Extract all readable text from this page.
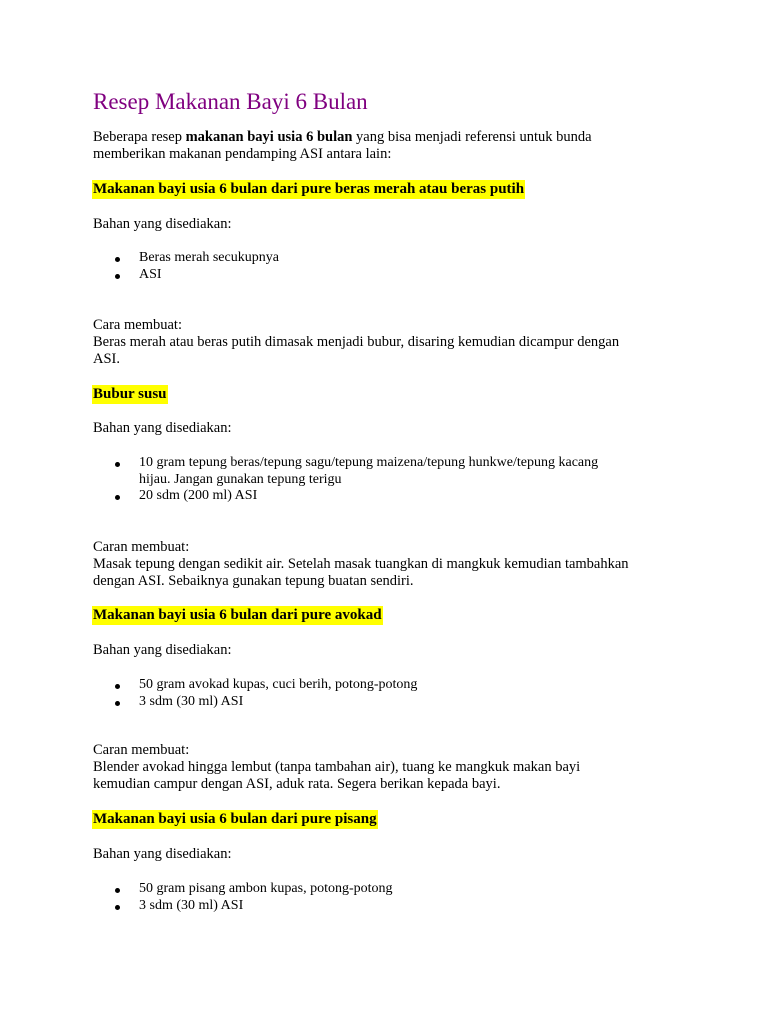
Resep Makanan Bayi 6 Bulan
Beberapa resep makanan bayi usia 6 bulan yang bisa menjadi referensi untuk bunda
memberikan makanan pendamping ASI antara lain:
Makanan bayi usia 6 bulan dari pure beras merah atau beras putih
Bahan yang disediakan:
Beras merah secukupnya
ASI
Cara membuat:
Beras merah atau beras putih dimasak menjadi bubur, disaring kemudian dicampur dengan
ASI.
Bubur susu
Bahan yang disediakan:
10 gram tepung beras/tepung sagu/tepung maizena/tepung hunkwe/tepung kacang
hijau. Jangan gunakan tepung terigu
20 sdm (200 ml) ASI
Caran membuat:
Masak tepung dengan sedikit air. Setelah masak tuangkan di mangkuk kemudian tambahkan
dengan ASI. Sebaiknya gunakan tepung buatan sendiri.
Makanan bayi usia 6 bulan dari pure avokad
Bahan yang disediakan:
50 gram avokad kupas, cuci berih, potong-potong
3 sdm (30 ml) ASI
Caran membuat:
Blender avokad hingga lembut (tanpa tambahan air), tuang ke mangkuk makan bayi
kemudian campur dengan ASI, aduk rata. Segera berikan kepada bayi.
Makanan bayi usia 6 bulan dari pure pisang
Bahan yang disediakan:
50 gram pisang ambon kupas, potong-potong
3 sdm (30 ml) ASI
